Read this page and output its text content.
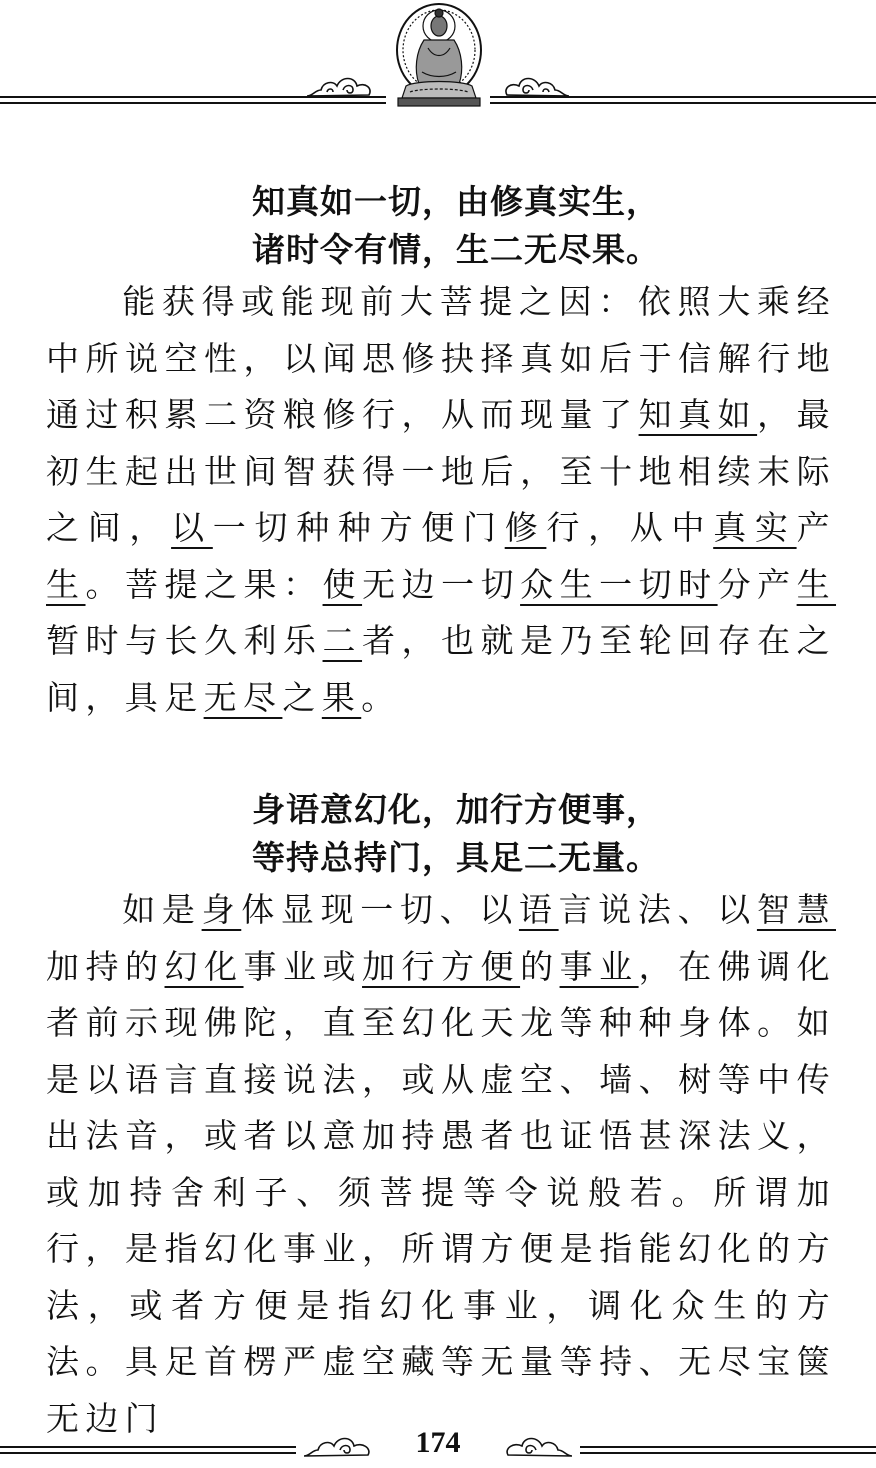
知真如一切，由修真实生，
诸时令有情，生二无尽果。

能获得或能现前大菩提之因：依照大乘经中所说空性，以闻思修抉择真如后于信解行地通过积累二资粮修行，从而现量了知真如，最初生起出世间智获得一地后，至十地相续末际之间，以一切种种方便门修行，从中真实产生。菩提之果：使无边一切众生一切时分产生暂时与长久利乐二者，也就是乃至轮回存在之间，具足无尽之果。

身语意幻化，加行方便事，
等持总持门，具足二无量。

如是身体显现一切、以语言说法、以智慧加持的幻化事业或加行方便的事业，在佛调化者前示现佛陀，直至幻化天龙等种种身体。如是以语言直接说法，或从虚空、墙、树等中传出法音，或者以意加持愚者也证悟甚深法义，或加持舍利子、须菩提等令说般若。所谓加行，是指幻化事业，所谓方便是指能幻化的方法，或者方便是指幻化事业，调化众生的方法。具足首楞严虚空藏等无量等持、无尽宝箧无边门

174
